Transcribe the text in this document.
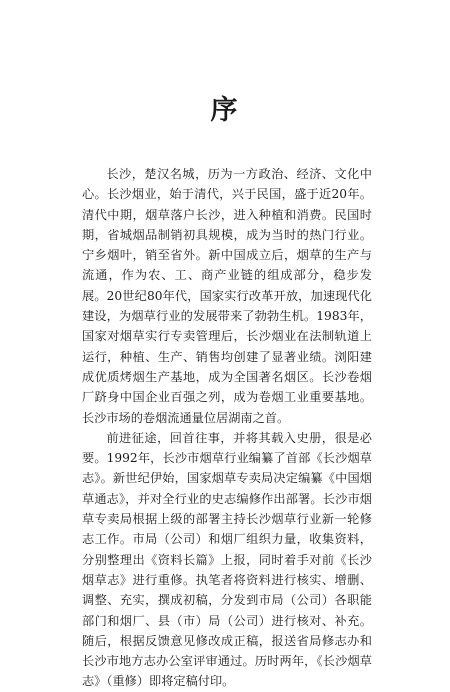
序

长沙，楚汉名城，历为一方政治、经济、文化中心。长沙烟业，始于清代，兴于民国，盛于近20年。清代中期，烟草落户长沙，进入种植和消费。民国时期，省城烟品制销初具规模，成为当时的热门行业。宁乡烟叶，销至省外。新中国成立后，烟草的生产与流通，作为农、工、商产业链的组成部分，稳步发展。20世纪80年代，国家实行改革开放，加速现代化建设，为烟草行业的发展带来了勃勃生机。1983年，国家对烟草实行专卖管理后，长沙烟业在法制轨道上运行，种植、生产、销售均创建了显著业绩。浏阳建成优质烤烟生产基地，成为全国著名烟区。长沙卷烟厂跻身中国企业百强之列，成为卷烟工业重要基地。长沙市场的卷烟流通量位居湖南之首。

前进征途，回首往事，并将其载入史册，很是必要。1992年，长沙市烟草行业编纂了首部《长沙烟草志》。新世纪伊始，国家烟草专卖局决定编纂《中国烟草通志》，并对全行业的史志编修作出部署。长沙市烟草专卖局根据上级的部署主持长沙烟草行业新一轮修志工作。市局（公司）和烟厂组织力量，收集资料，分别整理出《资料长篇》上报，同时着手对前《长沙烟草志》进行重修。执笔者将资料进行核实、增删、调整、充实，撰成初稿，分发到市局（公司）各职能部门和烟厂、县（市）局（公司）进行核对、补充。随后，根据反馈意见修改成正稿，报送省局修志办和长沙市地方志办公室评审通过。历时两年，《长沙烟草志》（重修）即将定稿付印。
